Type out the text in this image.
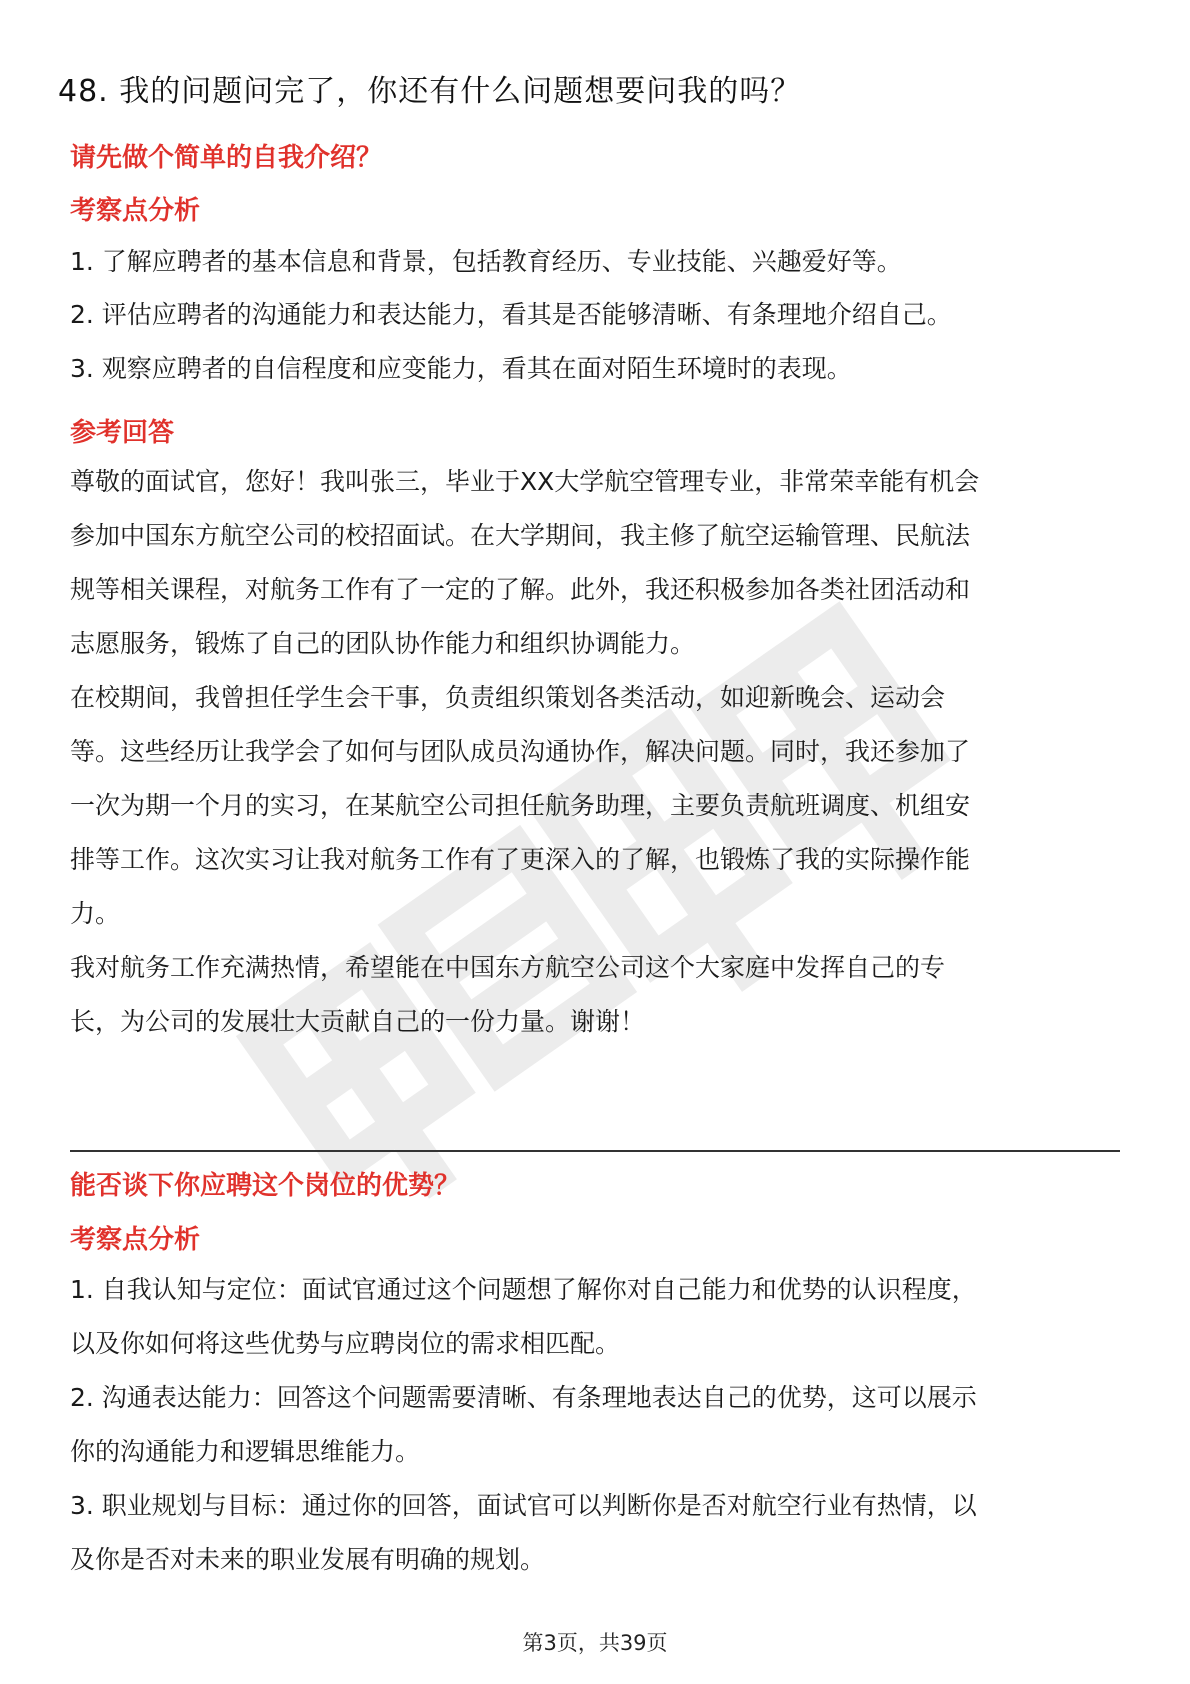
48. 我的问题问完了，你还有什么问题想要问我的吗？
请先做个简单的自我介绍？
考察点分析
1. 了解应聘者的基本信息和背景，包括教育经历、专业技能、兴趣爱好等。
2. 评估应聘者的沟通能力和表达能力，看其是否能够清晰、有条理地介绍自己。
3. 观察应聘者的自信程度和应变能力，看其在面对陌生环境时的表现。
参考回答
尊敬的面试官，您好！我叫张三，毕业于XX大学航空管理专业，非常荣幸能有机会
参加中国东方航空公司的校招面试。在大学期间，我主修了航空运输管理、民航法
规等相关课程，对航务工作有了一定的了解。此外，我还积极参加各类社团活动和
志愿服务，锻炼了自己的团队协作能力和组织协调能力。
在校期间，我曾担任学生会干事，负责组织策划各类活动，如迎新晚会、运动会
等。这些经历让我学会了如何与团队成员沟通协作，解决问题。同时，我还参加了
一次为期一个月的实习，在某航空公司担任航务助理，主要负责航班调度、机组安
排等工作。这次实习让我对航务工作有了更深入的了解，也锻炼了我的实际操作能
力。
我对航务工作充满热情，希望能在中国东方航空公司这个大家庭中发挥自己的专
长，为公司的发展壮大贡献自己的一份力量。谢谢！
能否谈下你应聘这个岗位的优势？
考察点分析
1. 自我认知与定位：面试官通过这个问题想了解你对自己能力和优势的认识程度，
以及你如何将这些优势与应聘岗位的需求相匹配。
2. 沟通表达能力：回答这个问题需要清晰、有条理地表达自己的优势，这可以展示
你的沟通能力和逻辑思维能力。
3. 职业规划与目标：通过你的回答，面试官可以判断你是否对航空行业有热情，以
及你是否对未来的职业发展有明确的规划。
第3页，共39页
